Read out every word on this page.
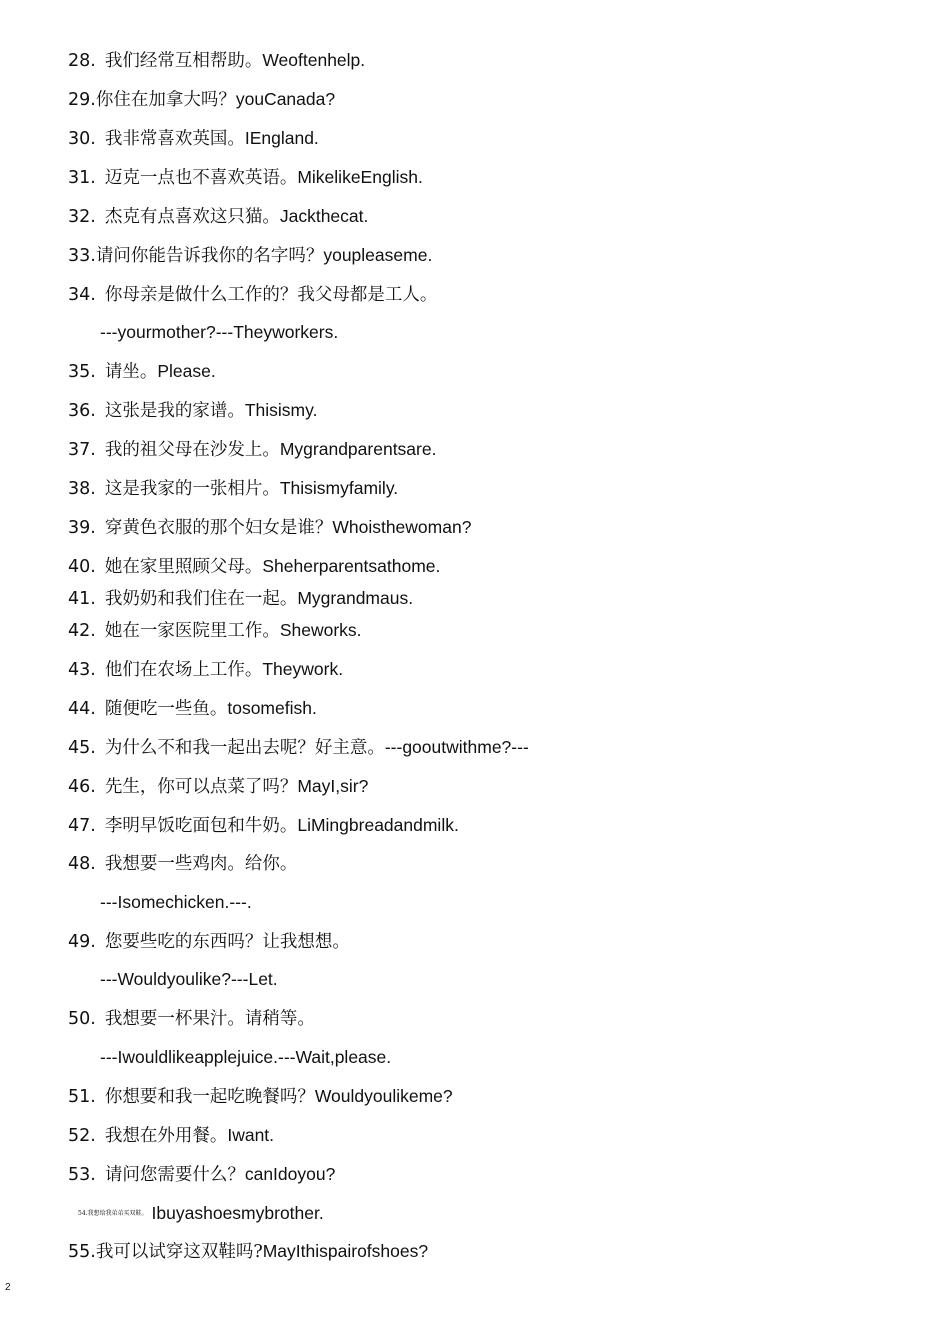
28. 我们经常互相帮助。Weoftenhelp.
29.你住在加拿大吗？youCanada?
30. 我非常喜欢英国。IEngland.
31. 迈克一点也不喜欢英语。MikelikeEnglish.
32. 杰克有点喜欢这只猫。Jackthecat.
33.请问你能告诉我你的名字吗？youpleaseme.
34. 你母亲是做什么工作的？我父母都是工人。
---yourmother?---Theyworkers.
35. 请坐。Please.
36. 这张是我的家谱。Thisismy.
37. 我的祖父母在沙发上。Mygrandparentsare.
38. 这是我家的一张相片。Thisismyfamily.
39. 穿黄色衣服的那个妇女是谁？Whoisthewoman?
40. 她在家里照顾父母。Sheherparentsathome.
41. 我奶奶和我们住在一起。Mygrandmaus.
42. 她在一家医院里工作。Sheworks.
43. 他们在农场上工作。Theywork.
44. 随便吃一些鱼。tosomefish.
45. 为什么不和我一起出去呢？好主意。---gooutwithme?---
46. 先生，你可以点菜了吗？MayI,sir?
47. 李明早饭吃面包和牛奶。LiMingbreadandmilk.
48. 我想要一些鸡肉。给你。
---Isomechicken.---.
49. 您要些吃的东西吗？让我想想。
---Wouldyoulike?---Let.
50. 我想要一杯果汁。请稍等。
---Iwouldlikeapplejuice.---Wait,please.
51. 你想要和我一起吃晚餐吗？Wouldyoulikeme?
52. 我想在外用餐。Iwant.
53. 请问您需要什么？canIdoyou?
54.我想给我弟弟买双鞋。 Ibuyashoesmybrother.
55.我可以试穿这双鞋吗?MayIthispairofshoes?
2
